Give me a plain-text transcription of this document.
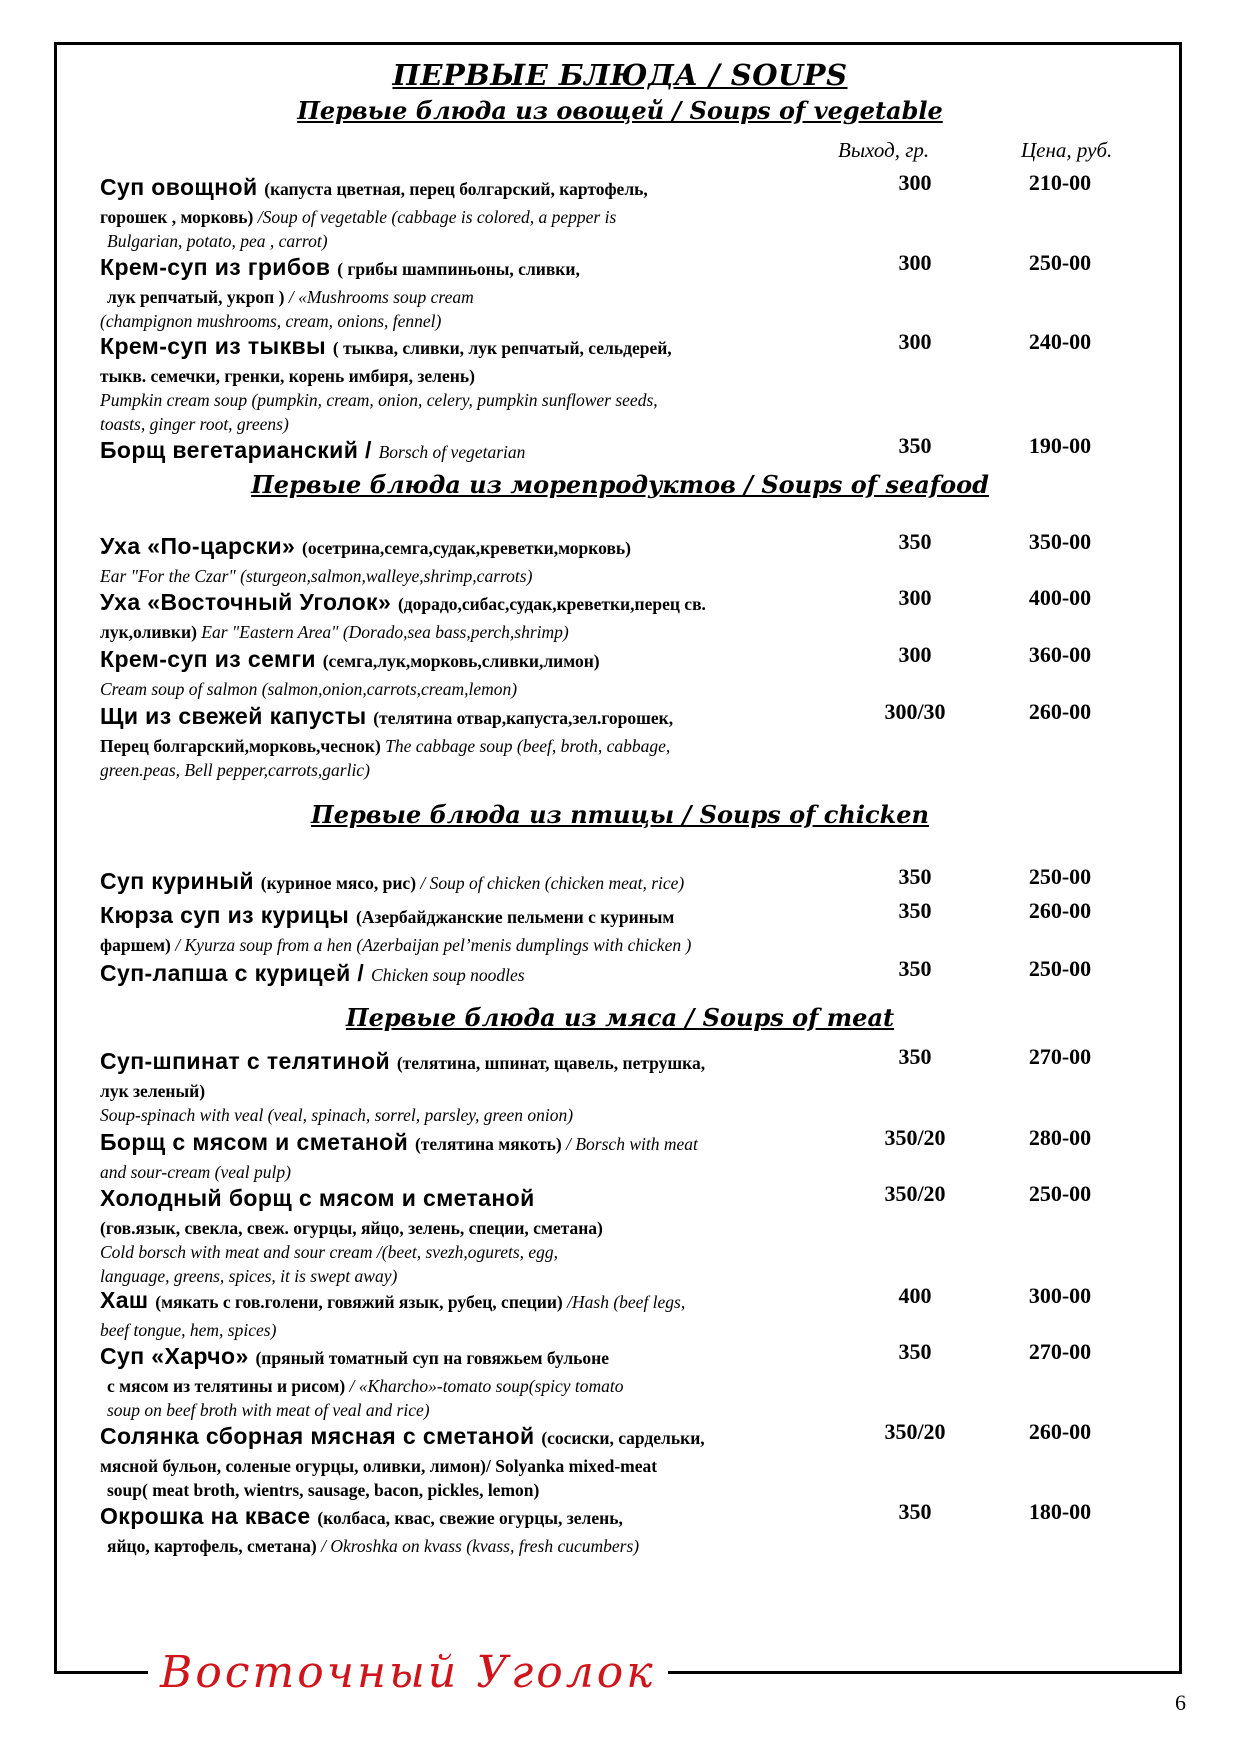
ПЕРВЫЕ БЛЮДА / SOUPS
Выход, гр.	Цена, руб.
Первые блюда из овощей / Soups of vegetable
Суп овощной (капуста цветная, перец болгарский, картофель,
горошек , морковь) /Soup of vegetable (cabbage is colored, a pepper is
Bulgarian, potato, pea , carrot)
300	210-00
Крем-суп из грибов ( грибы шампиньоны, сливки,
лук репчатый, укроп ) / «Mushrooms soup cream
(champignon mushrooms, cream, onions, fennel)
300	250-00
Крем-суп из тыквы ( тыква, сливки, лук репчатый, сельдерей,
тыкв. семечки, гренки, корень имбиря, зелень)
Pumpkin cream soup (pumpkin, cream, onion, celery, pumpkin sunflower seeds,
toasts, ginger root, greens)
300	240-00
Борщ вегетарианский / Borsch of vegetarian	350	190-00
Первые блюда из морепродуктов / Soups of seafood
Уха «По-царски» (осетрина,семга,судак,креветки,морковь)
Ear "For the Czar" (sturgeon,salmon,walleye,shrimp,carrots)
350	350-00
Уха «Восточный Уголок» (дорадо,сибас,судак,креветки,перец св.
лук,оливки) Ear "Eastern Area" (Dorado,sea bass,perch,shrimp)
300	400-00
Крем-суп из семги (семга,лук,морковь,сливки,лимон)
Cream soup of salmon (salmon,onion,carrots,cream,lemon)
300	360-00
Щи из свежей капусты (телятина отвар,капуста,зел.горошек,
Перец болгарский,морковь,чеснок) The cabbage soup (beef, broth, cabbage,
green.peas, Bell pepper,carrots,garlic)
300/30	260-00
Первые блюда из птицы / Soups of chicken
Суп куриный (куриное мясо, рис) / Soup of chicken (chicken meat, rice)	350	250-00
Кюрза суп из курицы (Азербайджанские пельмени с куриным
фаршем) / Kyurza soup from a hen (Azerbaijan pel’menis dumplings with chicken )
350	260-00
Суп-лапша с курицей / Chicken soup noodles	350	250-00
Первые блюда из мяса / Soups of meat
Суп-шпинат с телятиной (телятина, шпинат, щавель, петрушка,
лук зеленый)
Soup-spinach with veal (veal, spinach, sorrel, parsley, green onion)
350	270-00
Борщ с мясом и сметаной (телятина мякоть) / Borsch with meat
and sour-cream (veal pulp)
350/20	280-00
Холодный борщ с мясом и сметаной
(гов.язык, свекла, свеж. огурцы, яйцо, зелень, специи, сметана)
Cold borsch with meat and sour cream /(beet, svezh,ogurets, egg,
language, greens, spices, it is swept away)
350/20	250-00
Хаш (мякать с гов.голени, говяжий язык, рубец, специи) /Hash (beef legs,
beef tongue, hem, spices)
400	300-00
Суп «Харчо» (пряный томатный суп на говяжьем бульоне
с мясом из телятины и рисом) / «Kharcho»-tomato soup(spicy tomato
soup on beef broth with meat of veal and rice)
350	270-00
Солянка сборная мясная с сметаной (сосиски, сардельки,
мясной бульон, соленые огурцы, оливки, лимон)/ Solyanka mixed-meat
soup( meat broth, wientrs, sausage, bacon, pickles, lemon)
350/20	260-00
Окрошка на квасе (колбаса, квас, свежие огурцы, зелень,
яйцо, картофель, сметана) / Okroshka on kvass (kvass, fresh cucumbers)
350	180-00
Восточный Уголок
6
